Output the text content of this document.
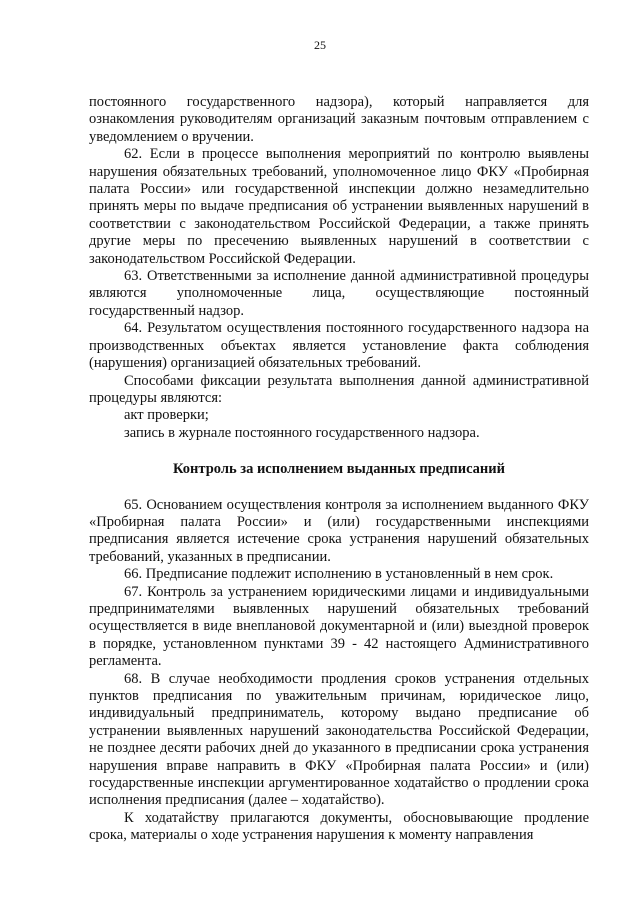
25

постоянного государственного надзора), который направляется для ознакомления руководителям организаций заказным почтовым отправлением с уведомлением о вручении.

62. Если в процессе выполнения мероприятий по контролю выявлены нарушения обязательных требований, уполномоченное лицо ФКУ «Пробирная палата России» или государственной инспекции должно незамедлительно принять меры по выдаче предписания об устранении выявленных нарушений в соответствии с законодательством Российской Федерации, а также принять другие меры по пресечению выявленных нарушений в соответствии с законодательством Российской Федерации.

63. Ответственными за исполнение данной административной процедуры являются уполномоченные лица, осуществляющие постоянный государственный надзор.

64. Результатом осуществления постоянного государственного надзора на производственных объектах является установление факта соблюдения (нарушения) организацией обязательных требований.

Способами фиксации результата выполнения данной административной процедуры являются:

акт проверки;

запись в журнале постоянного государственного надзора.

Контроль за исполнением выданных предписаний

65. Основанием осуществления контроля за исполнением выданного ФКУ «Пробирная палата России» и (или) государственными инспекциями предписания является истечение срока устранения нарушений обязательных требований, указанных в предписании.

66. Предписание подлежит исполнению в установленный в нем срок.

67. Контроль за устранением юридическими лицами и индивидуальными предпринимателями выявленных нарушений обязательных требований осуществляется в виде внеплановой документарной и (или) выездной проверок в порядке, установленном пунктами 39 - 42 настоящего Административного регламента.

68. В случае необходимости продления сроков устранения отдельных пунктов предписания по уважительным причинам, юридическое лицо, индивидуальный предприниматель, которому выдано предписание об устранении выявленных нарушений законодательства Российской Федерации, не позднее десяти рабочих дней до указанного в предписании срока устранения нарушения вправе направить в ФКУ «Пробирная палата России» и (или) государственные инспекции аргументированное ходатайство о продлении срока исполнения предписания (далее – ходатайство).

К ходатайству прилагаются документы, обосновывающие продление срока, материалы о ходе устранения нарушения к моменту направления
